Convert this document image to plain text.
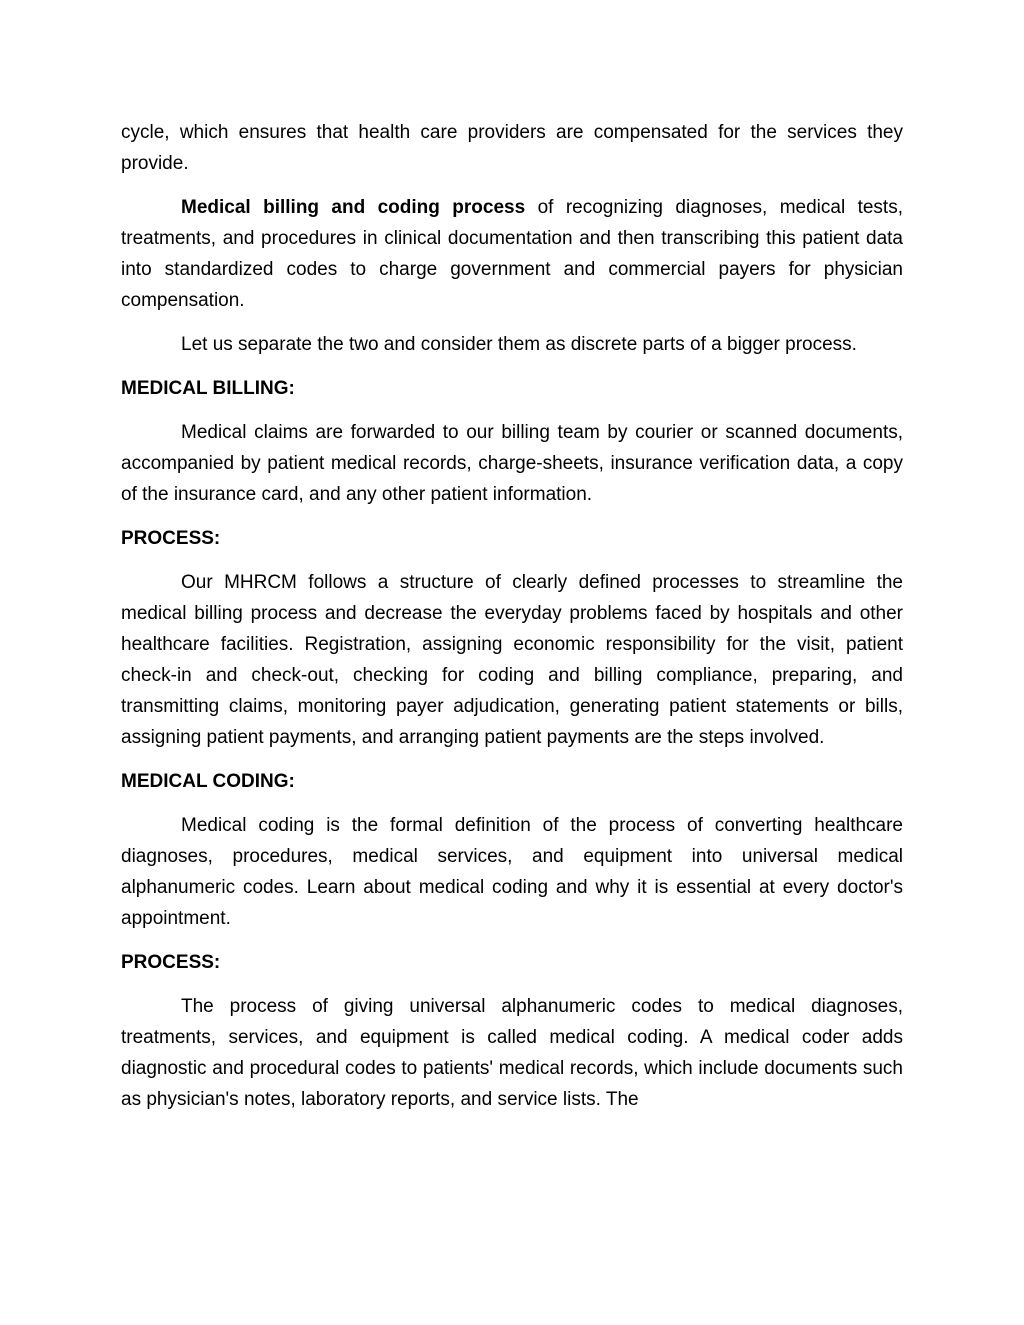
cycle, which ensures that health care providers are compensated for the services they provide.

Medical billing and coding process of recognizing diagnoses, medical tests, treatments, and procedures in clinical documentation and then transcribing this patient data into standardized codes to charge government and commercial payers for physician compensation.

Let us separate the two and consider them as discrete parts of a bigger process.

MEDICAL BILLING:

Medical claims are forwarded to our billing team by courier or scanned documents, accompanied by patient medical records, charge-sheets, insurance verification data, a copy of the insurance card, and any other patient information.

PROCESS:

Our MHRCM follows a structure of clearly defined processes to streamline the medical billing process and decrease the everyday problems faced by hospitals and other healthcare facilities. Registration, assigning economic responsibility for the visit, patient check-in and check-out, checking for coding and billing compliance, preparing, and transmitting claims, monitoring payer adjudication, generating patient statements or bills, assigning patient payments, and arranging patient payments are the steps involved.

MEDICAL CODING:

Medical coding is the formal definition of the process of converting healthcare diagnoses, procedures, medical services, and equipment into universal medical alphanumeric codes. Learn about medical coding and why it is essential at every doctor's appointment.

PROCESS:

The process of giving universal alphanumeric codes to medical diagnoses, treatments, services, and equipment is called medical coding. A medical coder adds diagnostic and procedural codes to patients' medical records, which include documents such as physician's notes, laboratory reports, and service lists. The
